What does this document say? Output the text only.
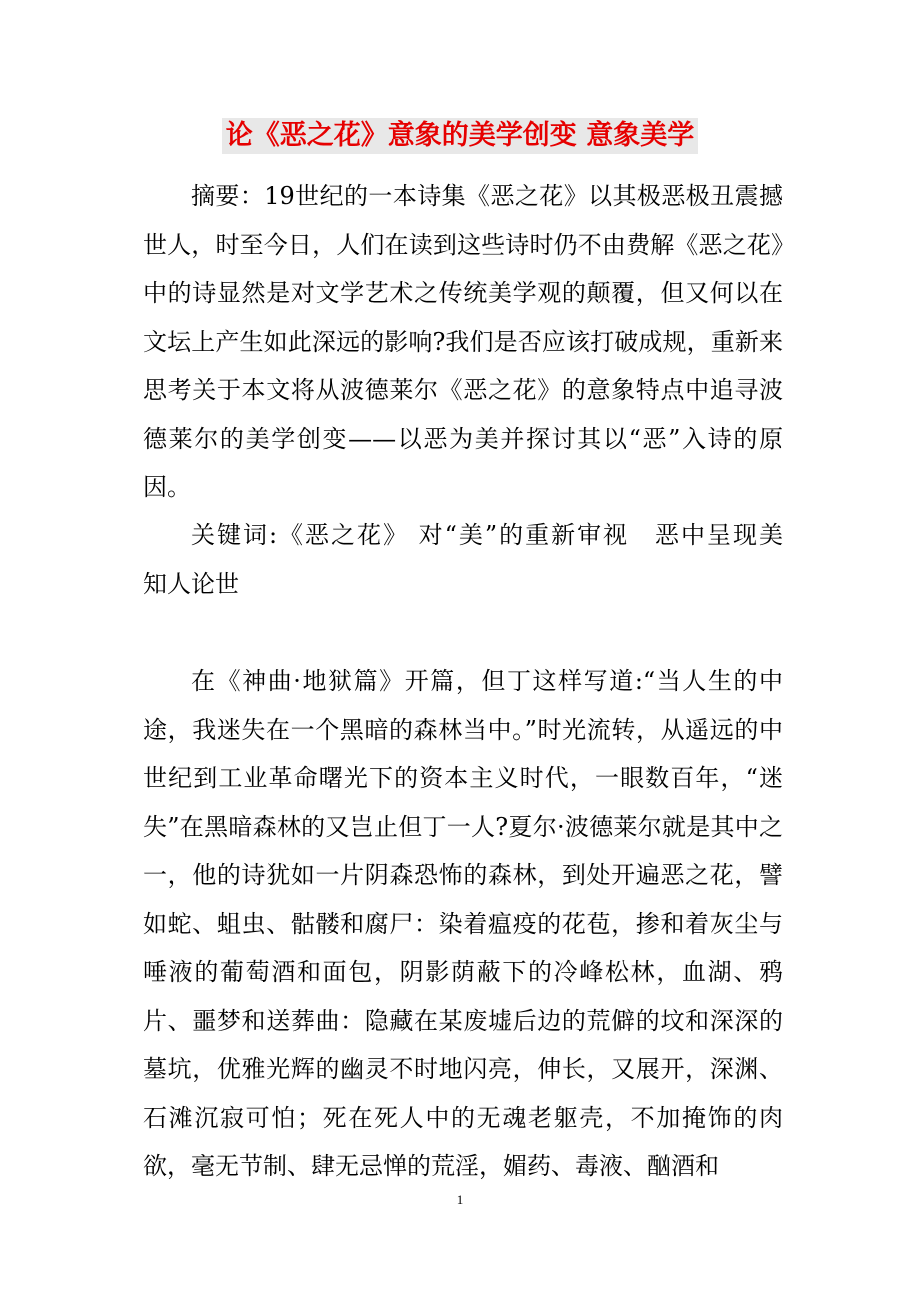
论《恶之花》意象的美学创变 意象美学

摘要：19世纪的一本诗集《恶之花》以其极恶极丑震撼世人，时至今日，人们在读到这些诗时仍不由费解《恶之花》中的诗显然是对文学艺术之传统美学观的颠覆，但又何以在文坛上产生如此深远的影响?我们是否应该打破成规，重新来思考关于本文将从波德莱尔《恶之花》的意象特点中追寻波德莱尔的美学创变——以恶为美并探讨其以“恶”入诗的原因。

关键词:《恶之花》 对“美”的重新审视　恶中呈现美　知人论世

在《神曲·地狱篇》开篇，但丁这样写道:“当人生的中途，我迷失在一个黑暗的森林当中。”时光流转，从遥远的中世纪到工业革命曙光下的资本主义时代，一眼数百年，“迷失”在黑暗森林的又岂止但丁一人?夏尔·波德莱尔就是其中之一，他的诗犹如一片阴森恐怖的森林，到处开遍恶之花，譬如蛇、蛆虫、骷髅和腐尸：染着瘟疫的花苞，掺和着灰尘与唾液的葡萄酒和面包，阴影荫蔽下的冷峰松林，血湖、鸦片、噩梦和送葬曲：隐藏在某废墟后边的荒僻的坟和深深的墓坑，优雅光辉的幽灵不时地闪亮，伸长，又展开，深渊、石滩沉寂可怕；死在死人中的无魂老躯壳，不加掩饰的肉欲，毫无节制、肆无忌惮的荒淫，媚药、毒液、酗酒和

1
